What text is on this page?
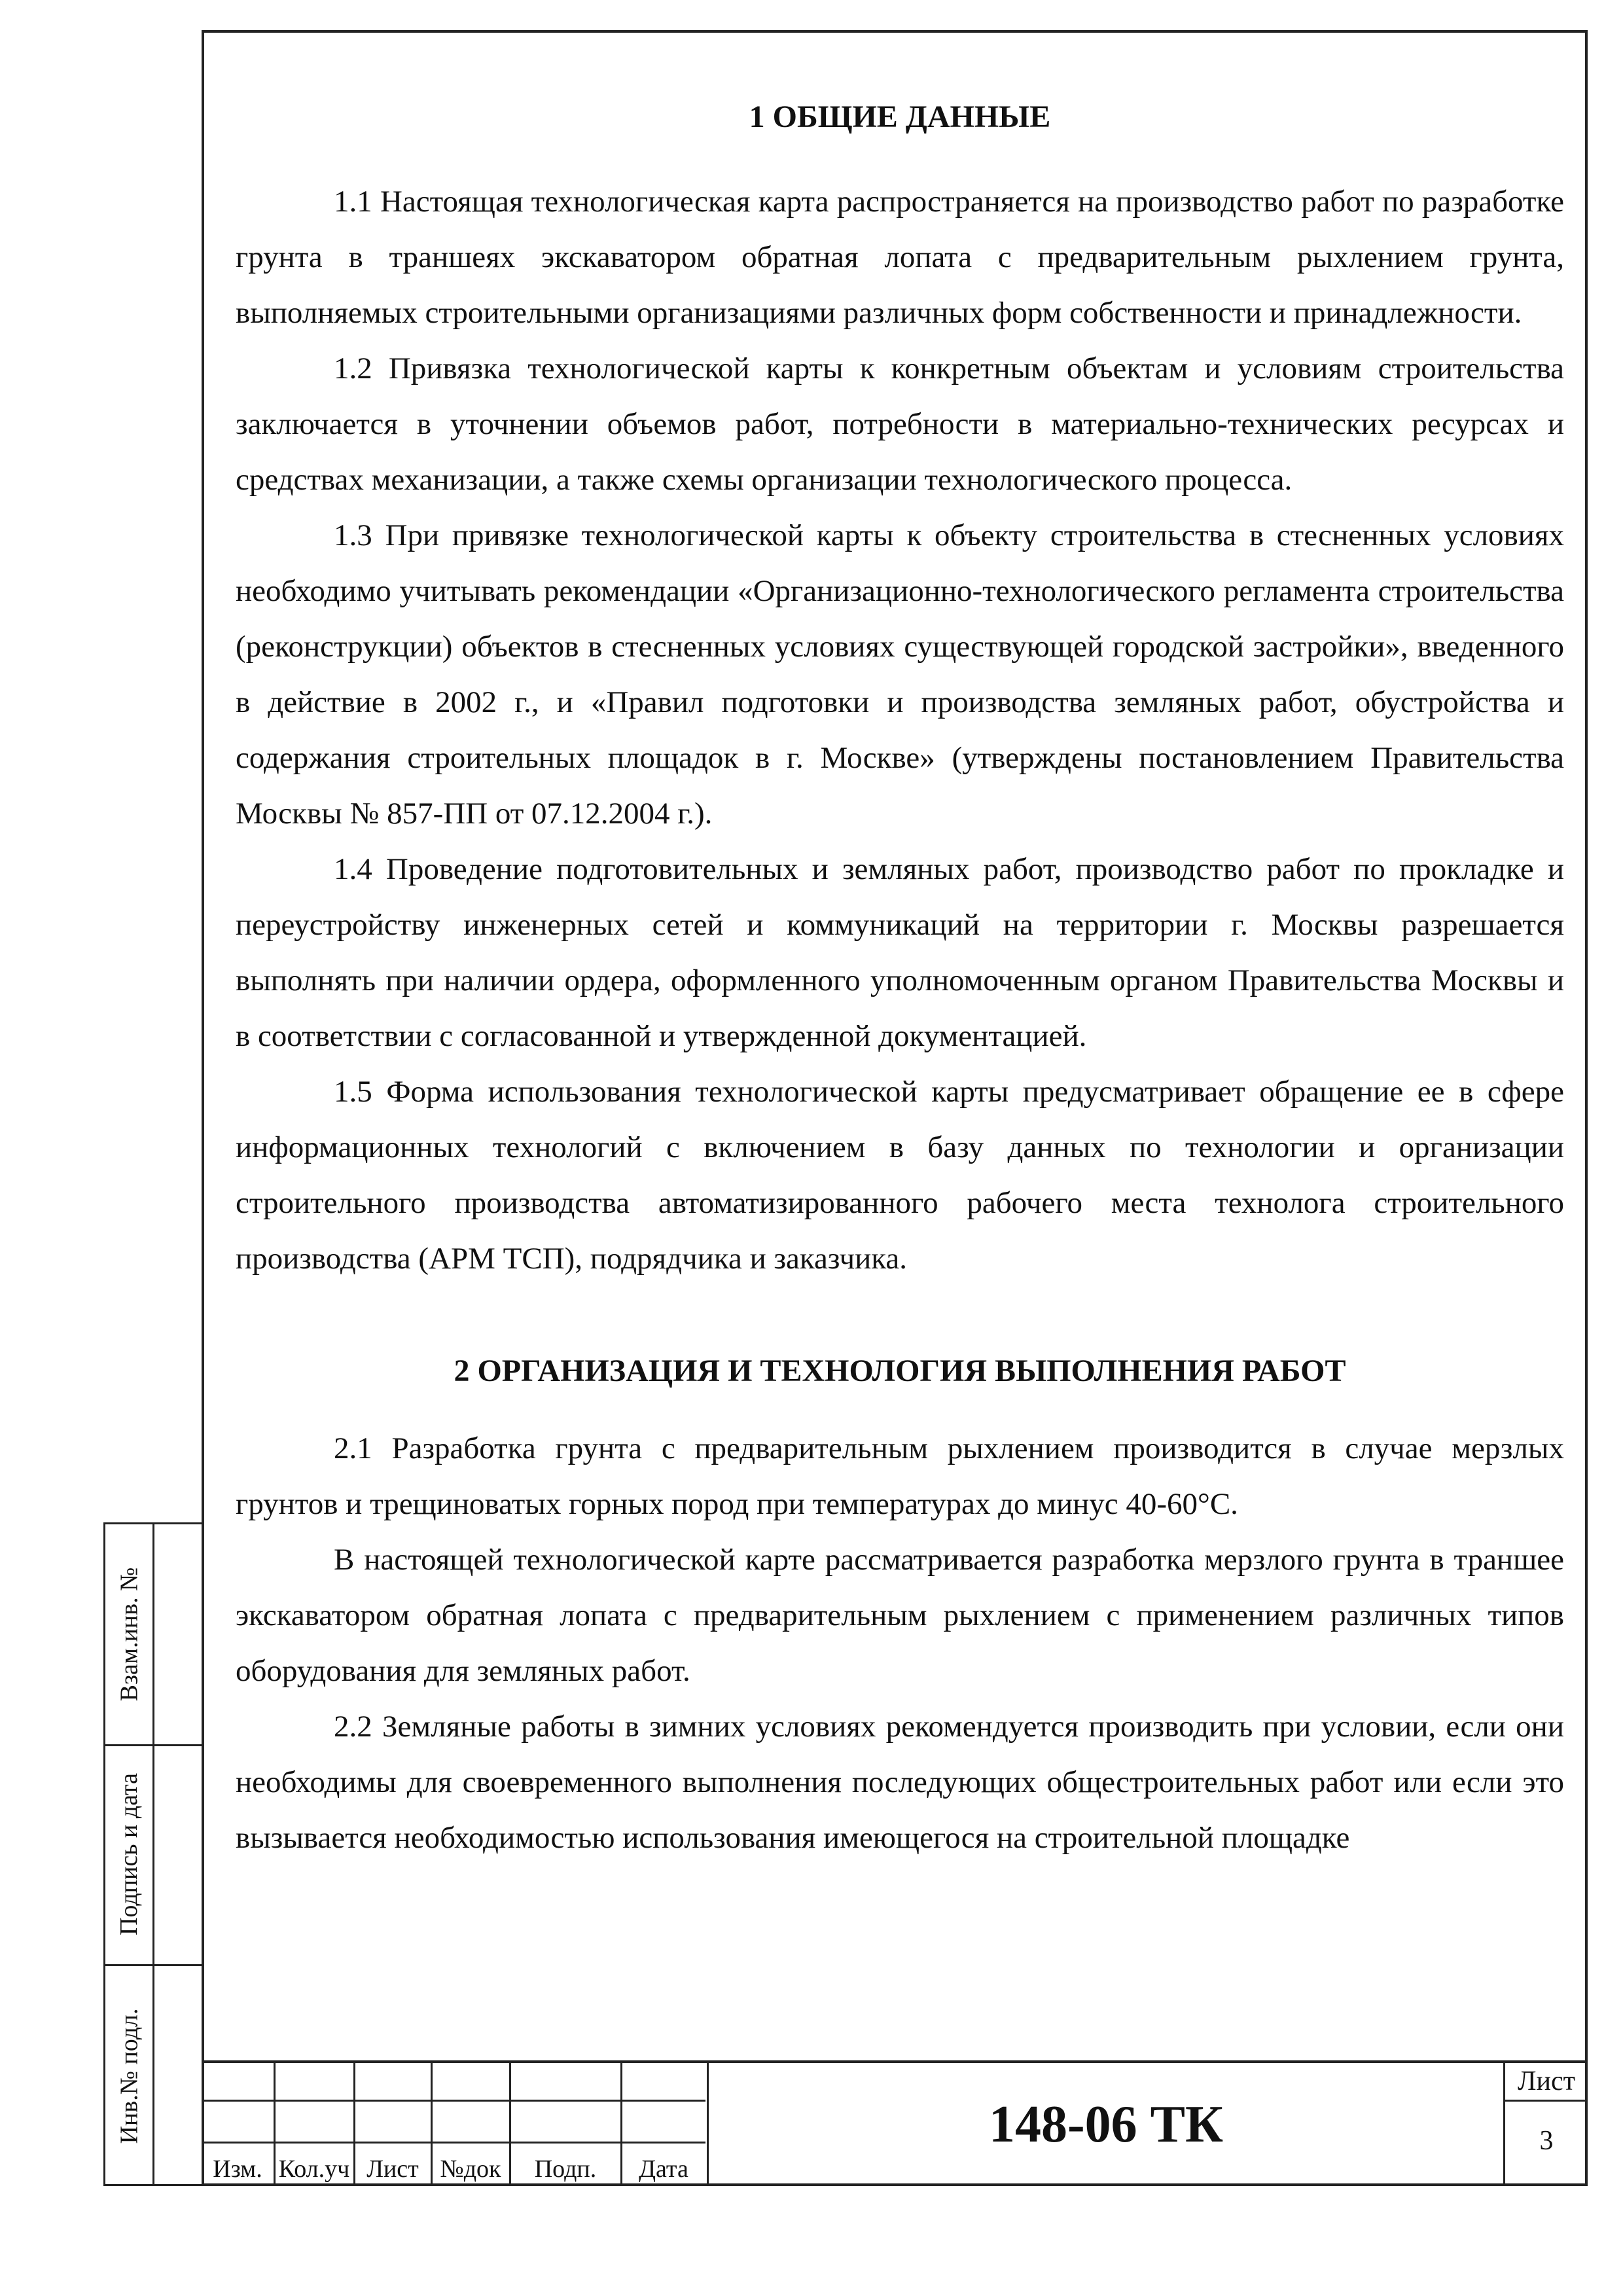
Взам.инв. №
Подпись и дата
Инв.№ подл.
1 ОБЩИЕ ДАННЫЕ

1.1 Настоящая технологическая карта распространяется на производство работ по разработке грунта в траншеях экскаватором обратная лопата с предварительным рыхлением грунта, выполняемых строительными организациями различных форм собственности и принадлежности.

1.2 Привязка технологической карты к конкретным объектам и условиям строительства заключается в уточнении объемов работ, потребности в материально-технических ресурсах и средствах механизации, а также схемы организации технологического процесса.

1.3 При привязке технологической карты к объекту строительства в стесненных условиях необходимо учитывать рекомендации «Организационно-технологического регламента строительства (реконструкции) объектов в стесненных условиях существующей городской застройки», введенного в действие в 2002 г., и «Правил подготовки и производства земляных работ, обустройства и содержания строительных площадок в г. Москве» (утверждены постановлением Правительства Москвы № 857-ПП от 07.12.2004 г.).

1.4 Проведение подготовительных и земляных работ, производство работ по прокладке и переустройству инженерных сетей и коммуникаций на территории г. Москвы разрешается выполнять при наличии ордера, оформленного уполномоченным органом Правительства Москвы и в соответствии с согласованной и утвержденной документацией.

1.5 Форма использования технологической карты предусматривает обращение ее в сфере информационных технологий с включением в базу данных по технологии и организации строительного производства автоматизированного рабочего места технолога строительного производства (АРМ ТСП), подрядчика и заказчика.

2 ОРГАНИЗАЦИЯ И ТЕХНОЛОГИЯ ВЫПОЛНЕНИЯ РАБОТ

2.1 Разработка грунта с предварительным рыхлением производится в случае мерзлых грунтов и трещиноватых горных пород при температурах до минус 40-60°С.

В настоящей технологической карте рассматривается разработка мерзлого грунта в траншее экскаватором обратная лопата с предварительным рыхлением с применением различных типов оборудования для земляных работ.

2.2 Земляные работы в зимних условиях рекомендуется производить при условии, если они необходимы для своевременного выполнения последующих общестроительных работ или если это вызывается необходимостью использования имеющегося на строительной площадке

Изм. Кол.уч Лист №док	Подп.	Дата
148-06 ТК
Лист
3
